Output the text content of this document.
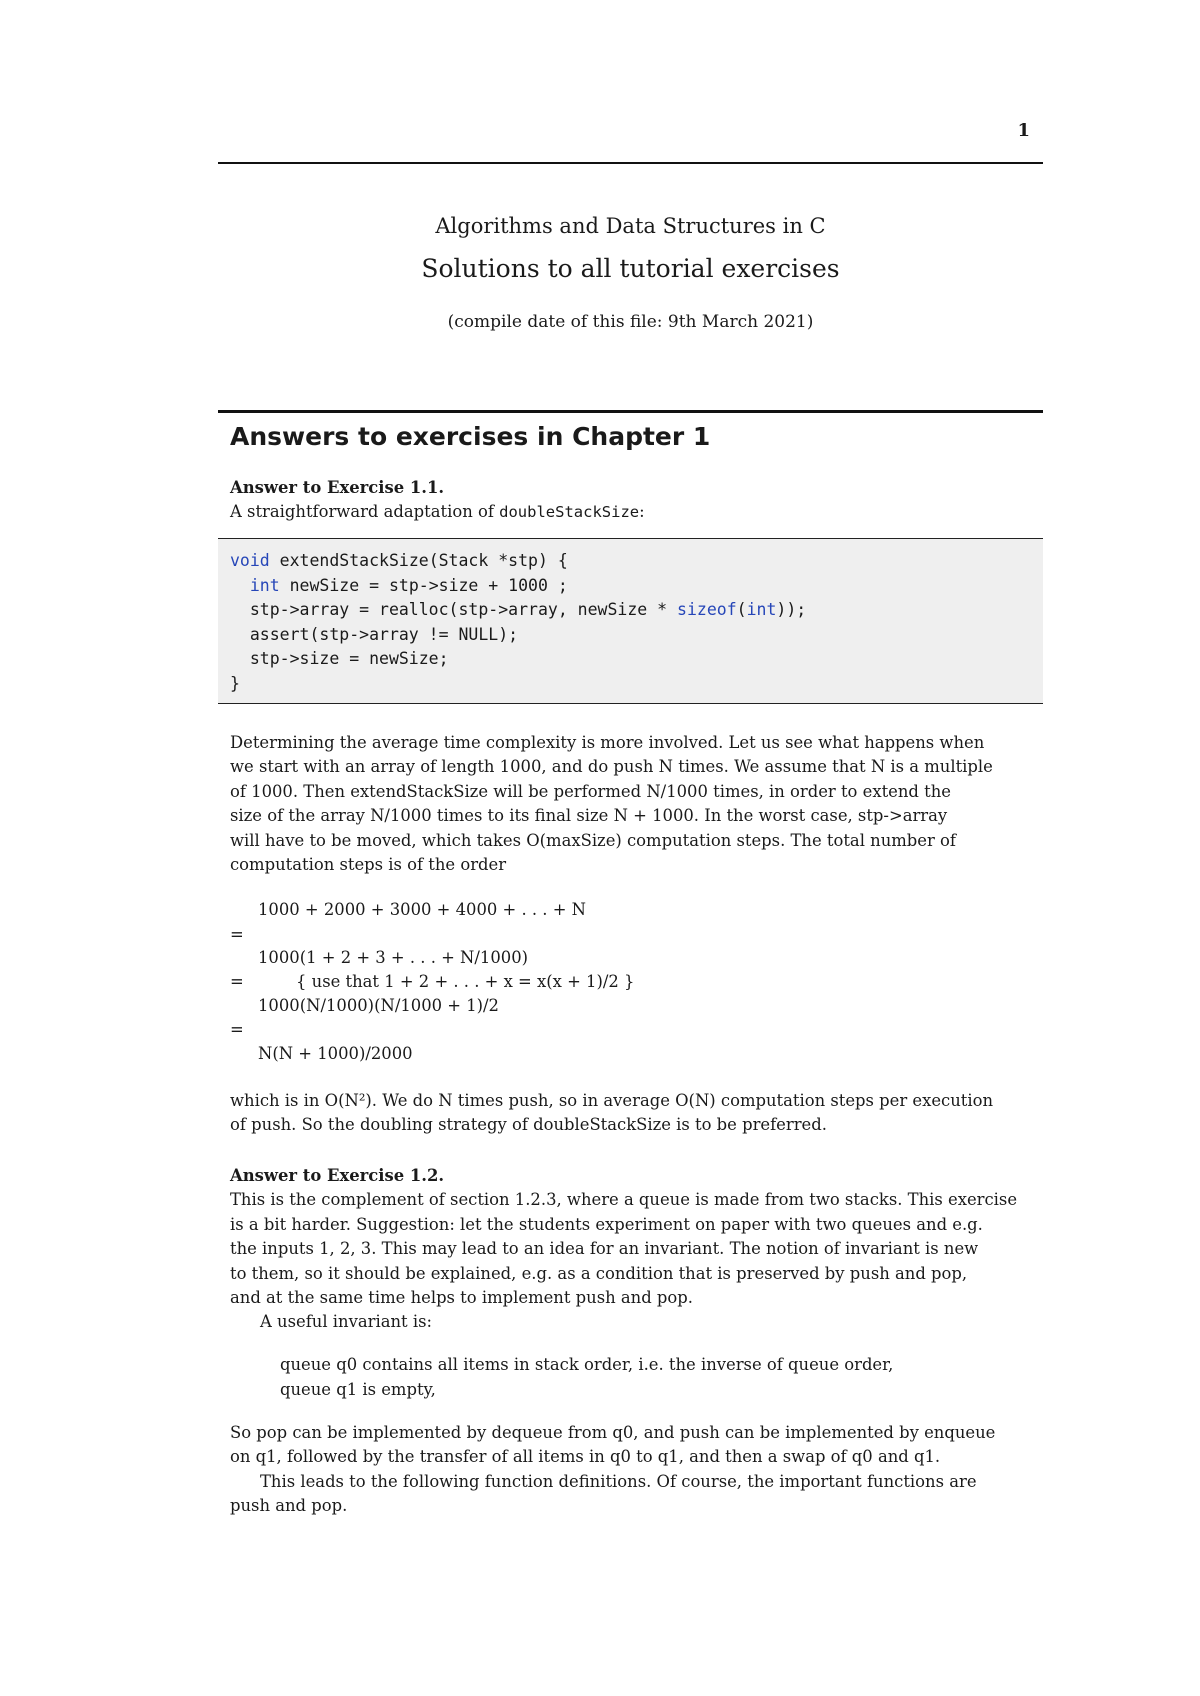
1
Algorithms and Data Structures in C
Solutions to all tutorial exercises
(compile date of this file: 9th March 2021)
Answers to exercises in Chapter 1

Answer to Exercise 1.1.

A straightforward adaptation of doubleStackSize:

void extendStackSize(Stack *stp) {
int newSize = stp->size + 1000 ;
stp->array = realloc(stp->array, newSize * sizeof(int));
assert(stp->array != NULL);
stp->size = newSize;
}

Determining the average time complexity is more involved. Let us see what happens when

we start with an array of length 1000, and do push N times. We assume that N is a multiple

of 1000. Then extendStackSize will be performed N/1000 times, in order to extend the

size of the array N/1000 times to its final size N + 1000. In the worst case, stp->array

will have to be moved, which takes O(maxSize) computation steps. The total number of

computation steps is of the order

1000 + 2000 + 3000 + 4000 + . . . + N
=
1000(1 + 2 + 3 + . . . + N/1000)
=	{ use that 1 + 2 + . . . + x = x(x + 1)/2 }
1000(N/1000)(N/1000 + 1)/2
=
N(N + 1000)/2000

which is in O(N²). We do N times push, so in average O(N) computation steps per execution

of push. So the doubling strategy of doubleStackSize is to be preferred.

Answer to Exercise 1.2.

This is the complement of section 1.2.3, where a queue is made from two stacks. This exercise

is a bit harder. Suggestion: let the students experiment on paper with two queues and e.g.

the inputs 1, 2, 3. This may lead to an idea for an invariant. The notion of invariant is new

to them, so it should be explained, e.g. as a condition that is preserved by push and pop,

and at the same time helps to implement push and pop.

A useful invariant is:

queue q0 contains all items in stack order, i.e. the inverse of queue order,
queue q1 is empty,

So pop can be implemented by dequeue from q0, and push can be implemented by enqueue

on q1, followed by the transfer of all items in q0 to q1, and then a swap of q0 and q1.

This leads to the following function definitions. Of course, the important functions are

push and pop.
